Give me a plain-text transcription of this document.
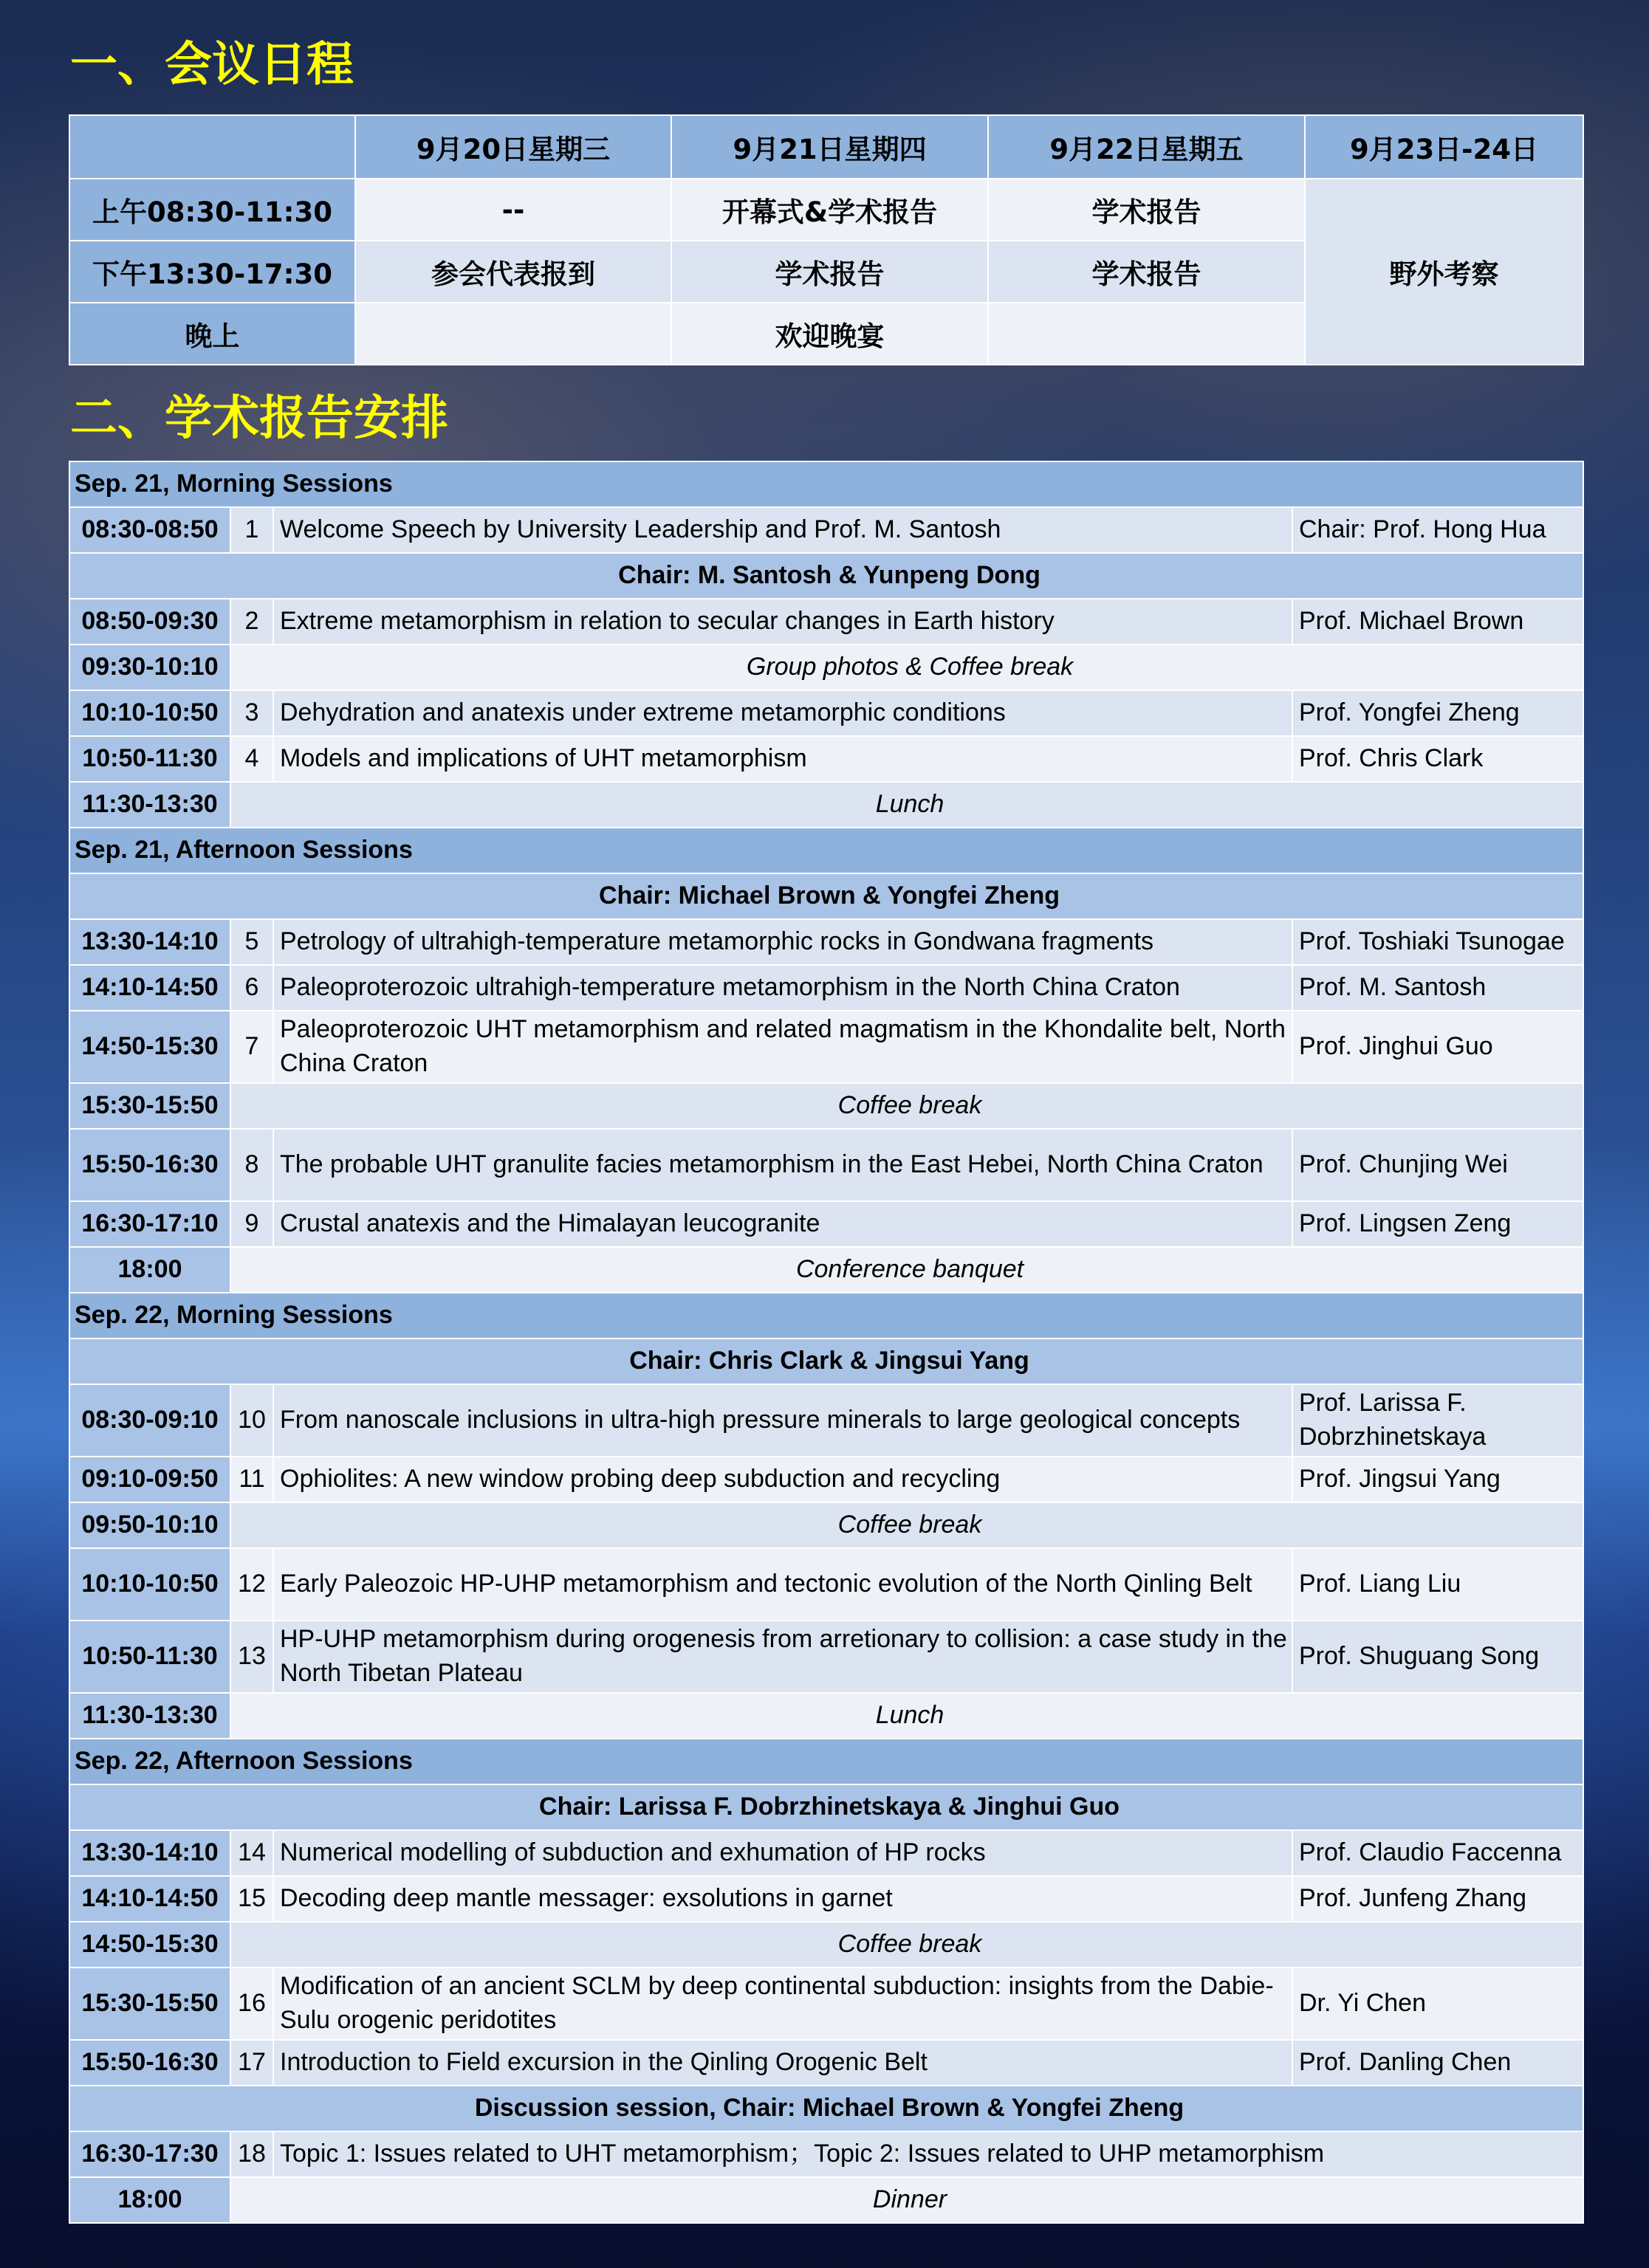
一、会议日程
	9月20日星期三	9月21日星期四	9月22日星期五	9月23日-24日
上午08:30-11:30	--	开幕式&学术报告	学术报告	野外考察
下午13:30-17:30	参会代表报到	学术报告	学术报告	
晚上		欢迎晚宴		
二、学术报告安排
Sep. 21, Morning Sessions			
08:30-08:50	1	Welcome Speech by University Leadership and Prof. M. Santosh	Chair: Prof. Hong Hua
Chair: M. Santosh & Yunpeng Dong			
08:50-09:30	2	Extreme metamorphism in relation to secular changes in Earth history	Prof. Michael Brown
09:30-10:10	Group photos & Coffee break		
10:10-10:50	3	Dehydration and anatexis under extreme metamorphic conditions	Prof. Yongfei Zheng
10:50-11:30	4	Models and implications of UHT metamorphism	Prof. Chris Clark
11:30-13:30	Lunch		
Sep. 21, Afternoon Sessions			
Chair: Michael Brown & Yongfei Zheng			
13:30-14:10	5	Petrology of ultrahigh-temperature metamorphic rocks in Gondwana fragments	Prof. Toshiaki Tsunogae
14:10-14:50	6	Paleoproterozoic ultrahigh-temperature metamorphism in the North China Craton	Prof. M. Santosh
14:50-15:30	7	Paleoproterozoic UHT metamorphism and related magmatism in the Khondalite belt, North China Craton	Prof. Jinghui Guo
15:30-15:50	Coffee break		
15:50-16:30	8	The probable UHT granulite facies metamorphism in the East Hebei, North China Craton	Prof. Chunjing Wei
16:30-17:10	9	Crustal anatexis and the Himalayan leucogranite	Prof. Lingsen Zeng
18:00	Conference banquet		
Sep. 22, Morning Sessions			
Chair: Chris Clark & Jingsui Yang			
08:30-09:10	10	From nanoscale inclusions in ultra-high pressure minerals to large geological concepts	Prof. Larissa F. Dobrzhinetskaya
09:10-09:50	11	Ophiolites: A new window probing deep subduction and recycling	Prof. Jingsui Yang
09:50-10:10	Coffee break		
10:10-10:50	12	Early Paleozoic HP-UHP metamorphism and tectonic evolution of the North Qinling Belt	Prof. Liang Liu
10:50-11:30	13	HP-UHP metamorphism during orogenesis from arretionary to collision: a case study in the North Tibetan Plateau	Prof. Shuguang Song
11:30-13:30	Lunch		
Sep. 22, Afternoon Sessions			
Chair: Larissa F. Dobrzhinetskaya & Jinghui Guo			
13:30-14:10	14	Numerical modelling of subduction and exhumation of HP rocks	Prof. Claudio Faccenna
14:10-14:50	15	Decoding deep mantle messager: exsolutions in garnet	Prof. Junfeng Zhang
14:50-15:30	Coffee break		
15:30-15:50	16	Modification of an ancient SCLM by deep continental subduction: insights from the Dabie-Sulu orogenic peridotites	Dr. Yi Chen
15:50-16:30	17	Introduction to Field excursion in the Qinling Orogenic Belt	Prof. Danling Chen
Discussion session, Chair: Michael Brown & Yongfei Zheng			
16:30-17:30	18	Topic 1: Issues related to UHT metamorphism；Topic 2: Issues related to UHP metamorphism	
18:00	Dinner		
